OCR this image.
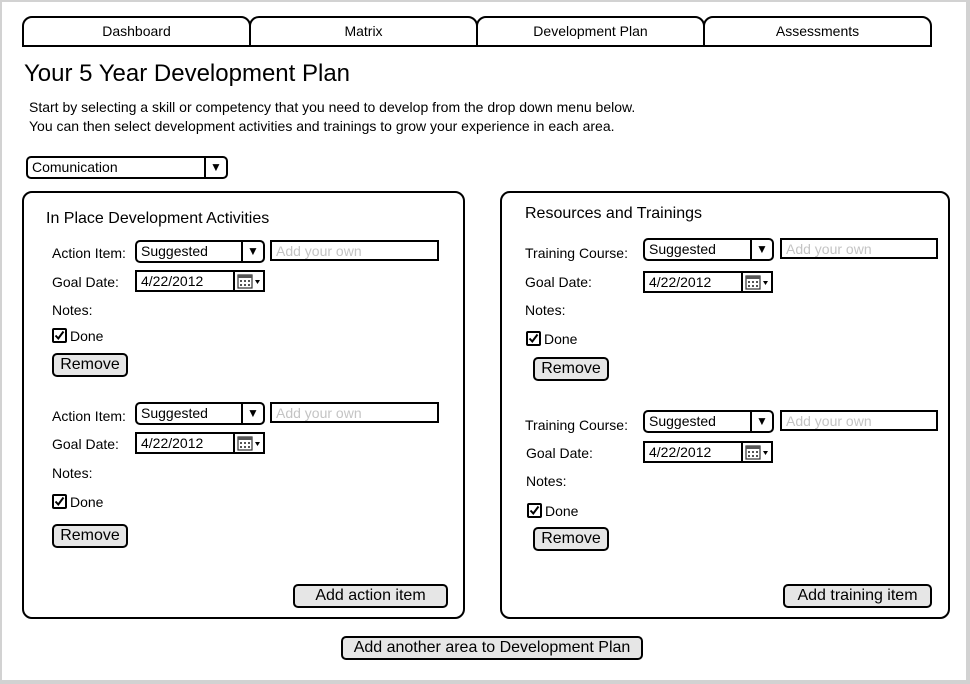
Dashboard	Matrix	Development Plan	Assessments
Your 5 Year Development Plan
Start by selecting a skill or competency that you need to develop from the drop down menu below.
You can then select development activities and trainings to grow your experience in each area.
Comunication	▼
In Place Development Activities
Action Item:	Suggested	▼
Add your own
Goal Date:	4/22/2012
Notes:
Done
Remove
Action Item:	Suggested	▼
Add your own
Goal Date:	4/22/2012
Notes:
Done
Remove
Add action item
Resources and Trainings
Training Course:	Suggested	▼
Add your own
Goal Date:	4/22/2012
Notes:
Done
Remove
Training Course:	Suggested	▼
Add your own
Goal Date:	4/22/2012
Notes:
Done
Remove
Add training item
Add another area to Development Plan
